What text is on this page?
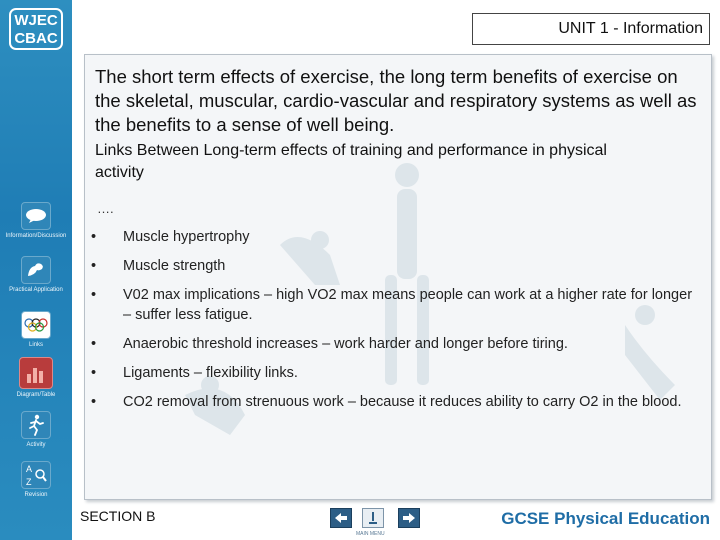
WJEC
CBAC
Information/Discussion
Practical Application
Links
Diagram/Table
Activity
A
Z
Revision
UNIT 1 - Information
The short term effects of exercise, the long term benefits of exercise on the skeletal, muscular, cardio-vascular and respiratory systems as well as the benefits to a sense of well being.
Links Between Long-term effects of training and performance in physical activity
….
• Muscle hypertrophy
• Muscle strength
• V02 max implications – high VO2 max means people can work at a higher rate for longer – suffer less fatigue.
• Anaerobic threshold increases – work harder and longer before tiring.
• Ligaments – flexibility links.
• CO2 removal from strenuous work – because it reduces ability to carry O2 in the blood.
SECTION B
MAIN MENU
GCSE Physical Education
